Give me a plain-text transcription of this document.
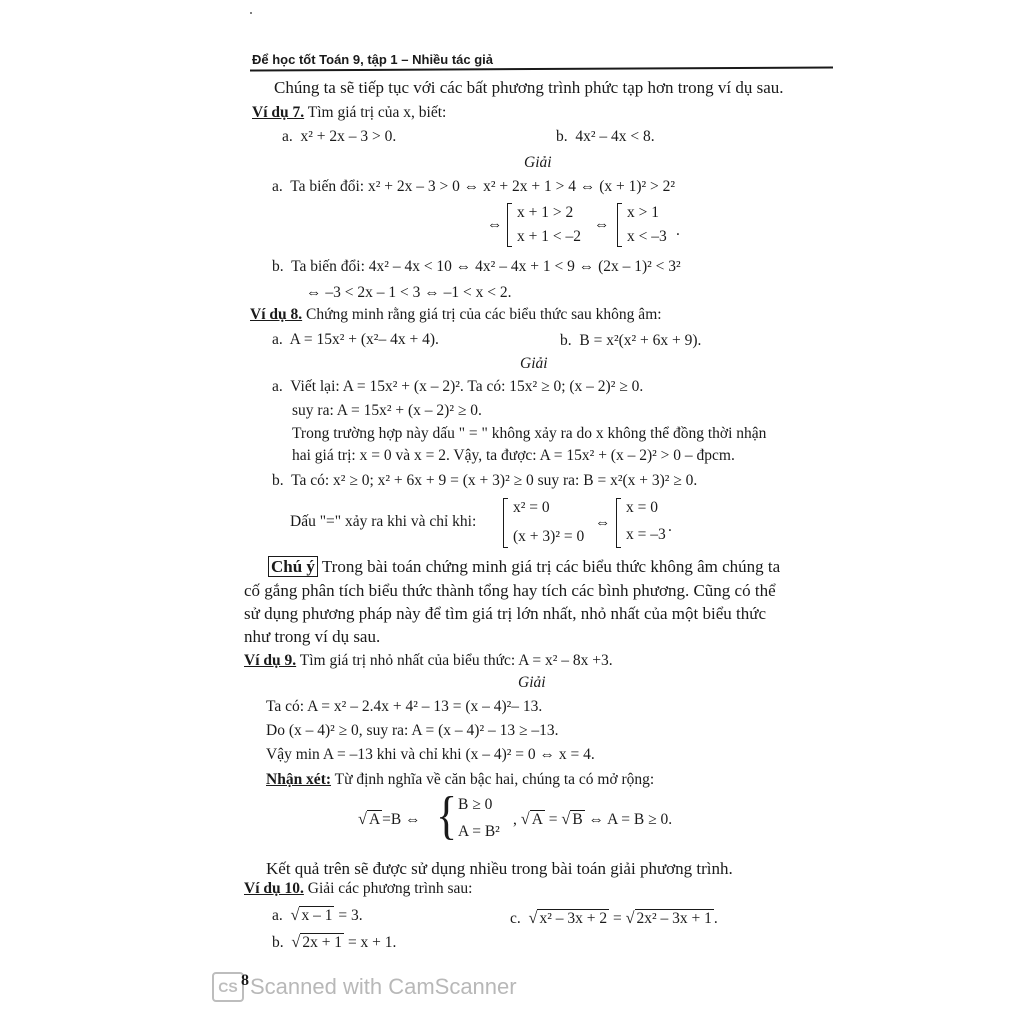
Để học tốt Toán 9, tập 1 – Nhiều tác giả
Chúng ta sẽ tiếp tục với các bất phương trình phức tạp hơn trong ví dụ sau.
Ví dụ 7. Tìm giá trị của x, biết:
a. x² + 2x – 3 > 0.	b. 4x² – 4x < 8.
Giải
a. Ta biến đổi: x² + 2x – 3 > 0 ⇔ x² + 2x + 1 > 4 ⇔ (x + 1)² > 2²
⇔
x + 1 > 2
x + 1 < –2
⇔
x > 1
x < –3 .
b. Ta biến đổi: 4x² – 4x < 10 ⇔ 4x² – 4x + 1 < 9 ⇔ (2x – 1)² < 3²
⇔ –3 < 2x – 1 < 3 ⇔ –1 < x < 2.
Ví dụ 8. Chứng minh rằng giá trị của các biểu thức sau không âm:
a. A = 15x² + (x²– 4x + 4).	b. B = x²(x² + 6x + 9).
Giải
a. Viết lại: A = 15x² + (x – 2)². Ta có: 15x² ≥ 0; (x – 2)² ≥ 0.
suy ra: A = 15x² + (x – 2)² ≥ 0.
Trong trường hợp này dấu " = " không xảy ra do x không thể đồng thời nhận
hai giá trị: x = 0 và x = 2. Vậy, ta được: A = 15x² + (x – 2)² > 0 – đpcm.
b. Ta có: x² ≥ 0; x² + 6x + 9 = (x + 3)² ≥ 0 suy ra: B = x²(x + 3)² ≥ 0.
Dấu "=" xảy ra khi và chỉ khi:
x² = 0
(x + 3)² = 0
⇔
x = 0
x = –3 .
Chú ý Trong bài toán chứng minh giá trị các biểu thức không âm chúng ta
cố gắng phân tích biểu thức thành tổng hay tích các bình phương. Cũng có thể
sử dụng phương pháp này để tìm giá trị lớn nhất, nhỏ nhất của một biểu thức
như trong ví dụ sau.
Ví dụ 9. Tìm giá trị nhỏ nhất của biểu thức: A = x² – 8x +3.
Giải
Ta có: A = x² – 2.4x + 4² – 13 = (x – 4)²– 13.
Do (x – 4)² ≥ 0, suy ra: A = (x – 4)² – 13 ≥ –13.
Vậy min A = –13 khi và chỉ khi (x – 4)² = 0 ⇔ x = 4.
Nhận xét: Từ định nghĩa về căn bậc hai, chúng ta có mở rộng:
√ A =B ⇔ { B ≥ 0
A = B²
, √ A = √ B ⇔ A = B ≥ 0.
Kết quả trên sẽ được sử dụng nhiều trong bài toán giải phương trình.
Ví dụ 10. Giải các phương trình sau:
a. √ x – 1 = 3.
b. √ 2x + 1 = x + 1.
c. √ x² – 3x + 2 = √ 2x² – 3x + 1 .
CS 8 Scanned with CamScanner
